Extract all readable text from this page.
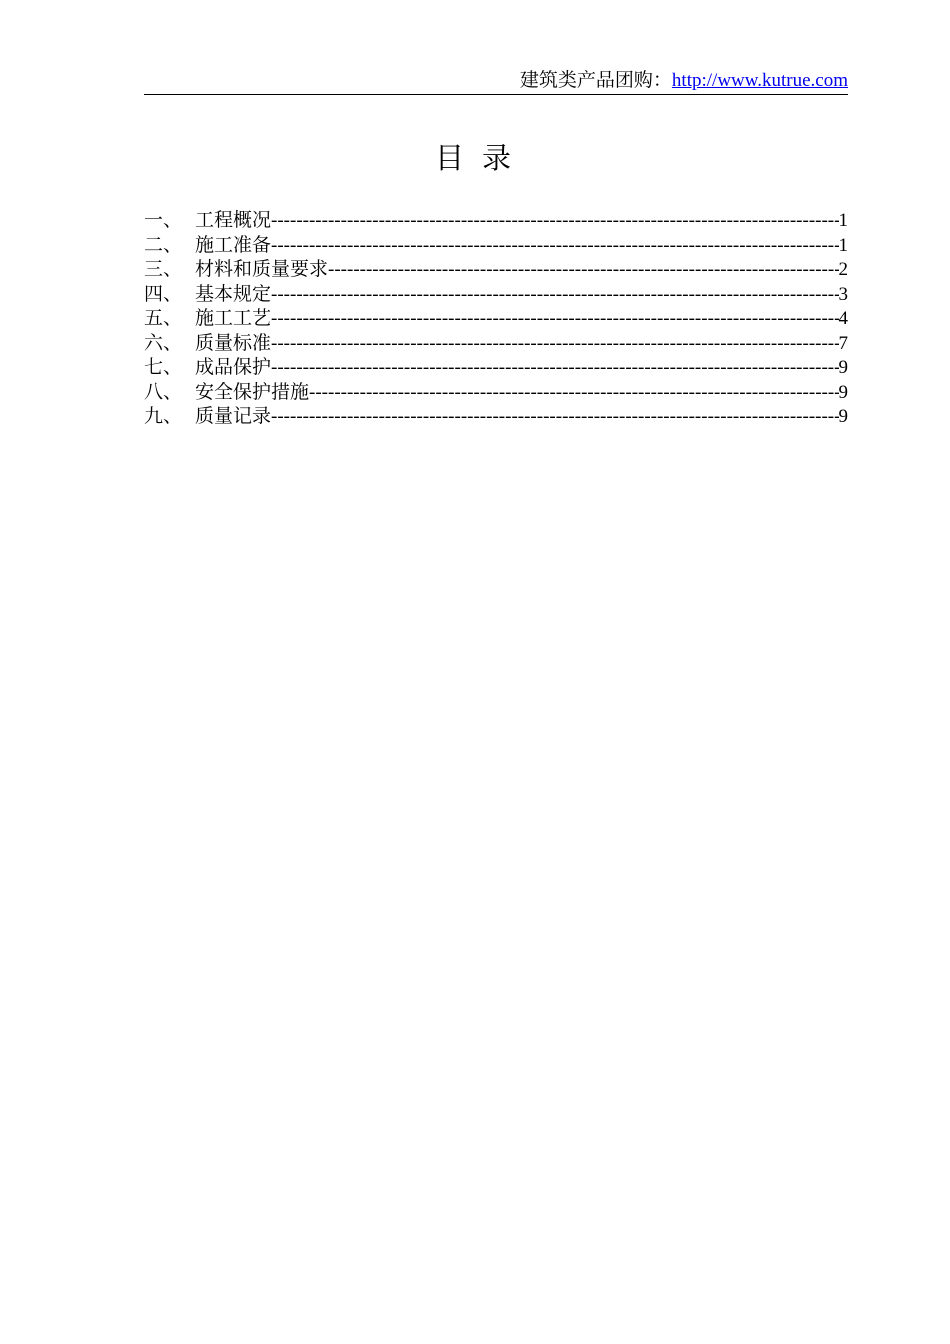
建筑类产品团购：http://www.kutrue.com
目 录
一、 工程概况 -----	1
二、 施工准备 -----	1
三、 材料和质量要求 -----	2
四、 基本规定 -----	3
五、 施工工艺 -----	4
六、 质量标准 -----	7
七、 成品保护 -----	9
八、 安全保护措施 -----	9
九、 质量记录 -----	9
